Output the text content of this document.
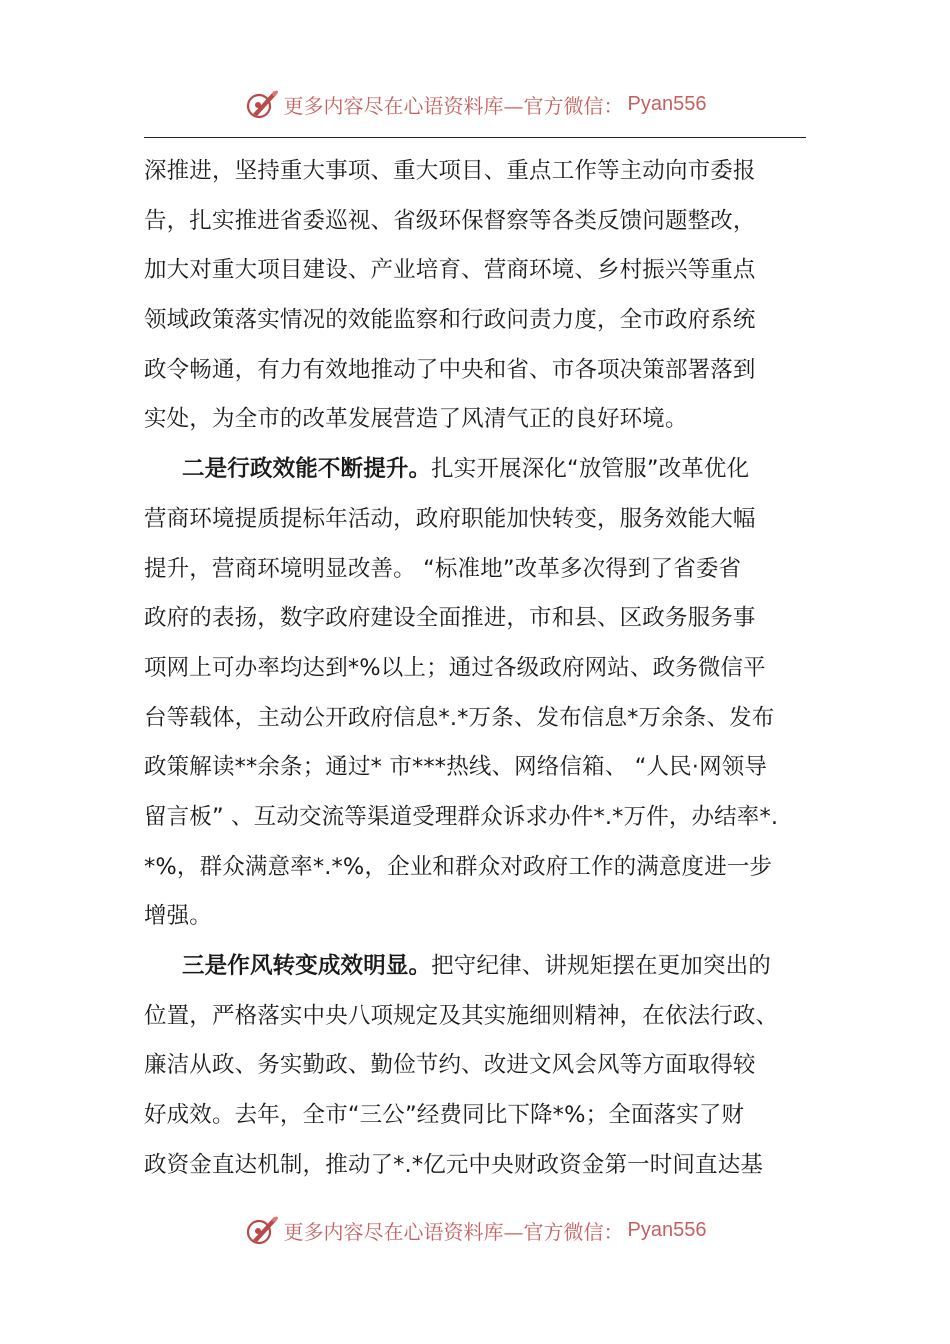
更多内容尽在心语资料库—官方微信： Pyan556
深推进，坚持重大事项、重大项目、重点工作等主动向市委报
告，扎实推进省委巡视、省级环保督察等各类反馈问题整改，
加大对重大项目建设、产业培育、营商环境、乡村振兴等重点
领域政策落实情况的效能监察和行政问责力度，全市政府系统
政令畅通，有力有效地推动了中央和省、市各项决策部署落到
实处，为全市的改革发展营造了风清气正的良好环境。
二是行政效能不断提升。扎实开展深化“放管服”改革优化
营商环境提质提标年活动，政府职能加快转变，服务效能大幅
提升，营商环境明显改善。 “标准地”改革多次得到了省委省
政府的表扬，数字政府建设全面推进，市和县、区政务服务事
项网上可办率均达到*%以上；通过各级政府网站、政务微信平
台等载体，主动公开政府信息*.*万条、发布信息*万余条、发布
政策解读**余条；通过* 市***热线、网络信箱、 “人民·网领导
留言板” 、互动交流等渠道受理群众诉求办件*.*万件，办结率*.
*%，群众满意率*.*%，企业和群众对政府工作的满意度进一步
增强。
三是作风转变成效明显。把守纪律、讲规矩摆在更加突出的
位置，严格落实中央八项规定及其实施细则精神，在依法行政、
廉洁从政、务实勤政、勤俭节约、改进文风会风等方面取得较
好成效。去年，全市“三公”经费同比下降*%；全面落实了财
政资金直达机制，推动了*.*亿元中央财政资金第一时间直达基
更多内容尽在心语资料库—官方微信： Pyan556
